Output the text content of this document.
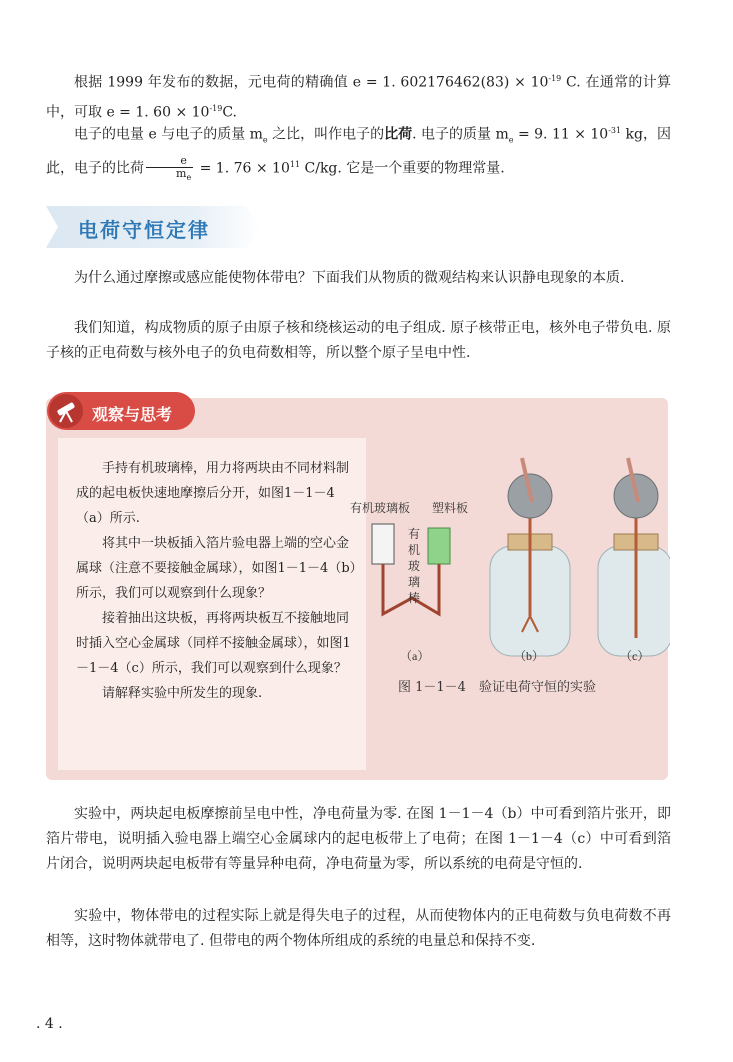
根据 1999 年发布的数据，元电荷的精确值 e = 1. $602176462(83) \times 10^{-19}$ C. 在通常的计算中，可取 e = 1. $60 \times 10^{-19}C$.

电子的电量 e 与电子的质量 $m_e$ 之比，叫作电子的比荷. 电子的质量 $m_e = 9$. $11 \times 10^{-31}$ kg，因此，电子的比荷 $\frac{e}{m_e} = 1$. $76 \times 10^{11}$ C/kg. 它是一个重要的物理常量.

电荷守恒定律

为什么通过摩擦或感应能使物体带电？下面我们从物质的微观结构来认识静电现象的本质.

我们知道，构成物质的原子由原子核和绕核运动的电子组成. 原子核带正电，核外电子带负电. 原子核的正电荷数与核外电子的负电荷数相等，所以整个原子呈电中性.

观察与思考

手持有机玻璃棒，用力将两块由不同材料制成的起电板快速地摩擦后分开，如图1－1－4（a）所示.

将其中一块板插入箔片验电器上端的空心金属球（注意不要接触金属球），如图1－1－4（b）所示，我们可以观察到什么现象？

接着抽出这块板，再将两块板互不接触地同时插入空心金属球（同样不接触金属球），如图1－1－4（c）所示，我们可以观察到什么现象？

请解释实验中所发生的现象.

有机玻璃板 塑料板
有
机
玻
璃
棒
（a）	（b）	（c）
图 1－1－4　验证电荷守恒的实验

实验中，两块起电板摩擦前呈电中性，净电荷量为零. 在图 1－1－4（b）中可看到箔片张开，即箔片带电，说明插入验电器上端空心金属球内的起电板带上了电荷；在图 1－1－4（c）中可看到箔片闭合，说明两块起电板带有等量异种电荷，净电荷量为零，所以系统的电荷是守恒的.

实验中，物体带电的过程实际上就是得失电子的过程，从而使物体内的正电荷数与负电荷数不再相等，这时物体就带电了. 但带电的两个物体所组成的系统的电量总和保持不变.

. 4 .
